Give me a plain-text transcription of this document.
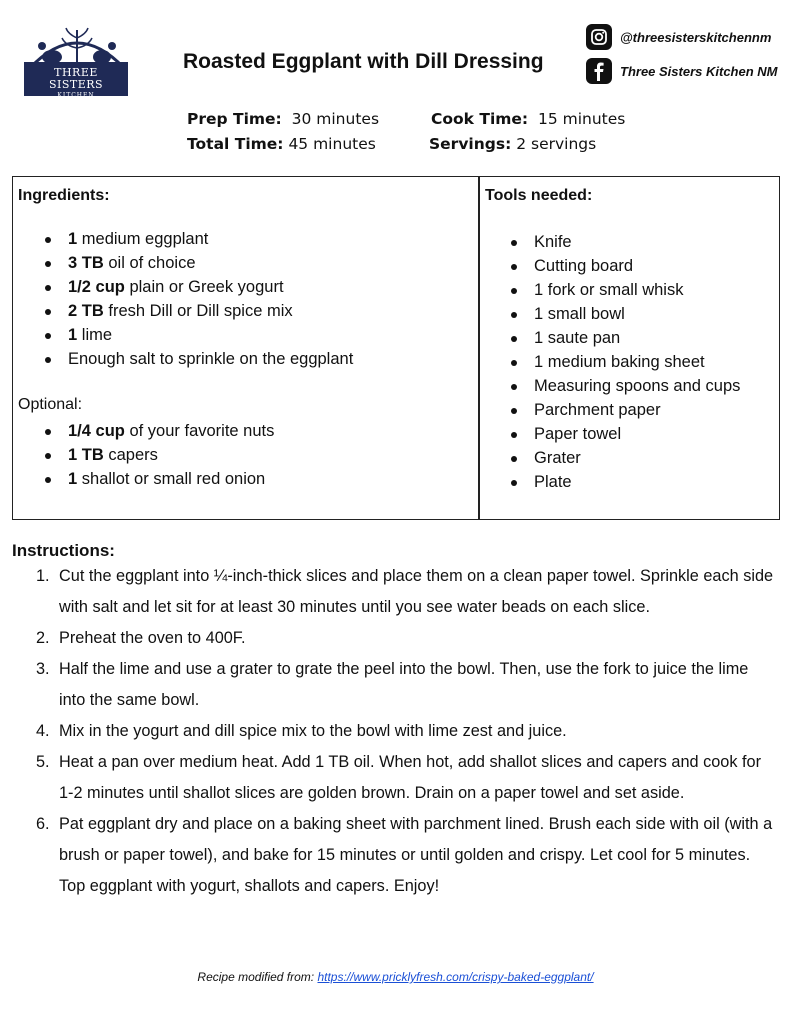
THREE SISTERS
KITCHEN
Roasted Eggplant with Dill Dressing
@threesisterskitchennm
Three Sisters Kitchen NM
Prep Time: 30 minutes
Total Time: 45 minutes
Cook Time: 15 minutes
Servings: 2 servings
Ingredients:
1 medium eggplant
3 TB oil of choice
1/2 cup plain or Greek yogurt
2 TB fresh Dill or Dill spice mix
1 lime
Enough salt to sprinkle on the eggplant
Optional:
1/4 cup of your favorite nuts
1 TB capers
1 shallot or small red onion
Tools needed:
Knife
Cutting board
1 fork or small whisk
1 small bowl
1 saute pan
1 medium baking sheet
Measuring spoons and cups
Parchment paper
Paper towel
Grater
Plate
Instructions:
1. Cut the eggplant into ¼-inch-thick slices and place them on a clean paper towel. Sprinkle each side with salt and let sit for at least 30 minutes until you see water beads on each slice.
2. Preheat the oven to 400F.
3. Half the lime and use a grater to grate the peel into the bowl. Then, use the fork to juice the lime into the same bowl.
4. Mix in the yogurt and dill spice mix to the bowl with lime zest and juice.
5. Heat a pan over medium heat. Add 1 TB oil. When hot, add shallot slices and capers and cook for 1-2 minutes until shallot slices are golden brown. Drain on a paper towel and set aside.
6. Pat eggplant dry and place on a baking sheet with parchment lined. Brush each side with oil (with a brush or paper towel), and bake for 15 minutes or until golden and crispy. Let cool for 5 minutes. Top eggplant with yogurt, shallots and capers. Enjoy!
Recipe modified from: https://www.pricklyfresh.com/crispy-baked-eggplant/
